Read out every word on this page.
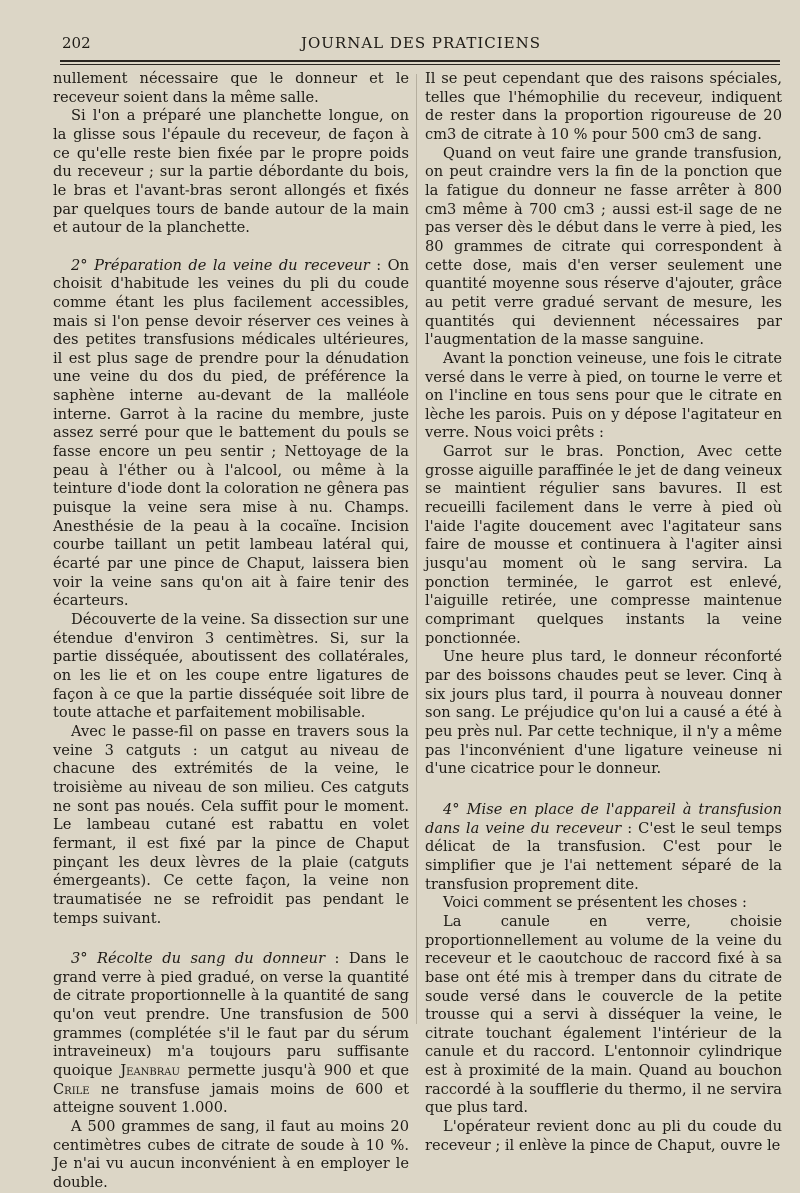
202	JOURNAL DES PRATICIENS

nullement nécessaire que le donneur et le receveur soient dans la même salle.

Si l'on a préparé une planchette longue, on la glisse sous l'épaule du receveur, de façon à ce qu'elle reste bien fixée par le propre poids du receveur ; sur la partie débordante du bois, le bras et l'avant-bras seront allongés et fixés par quelques tours de bande autour de la main et autour de la planchette.

2° Préparation de la veine du receveur : On choisit d'habitude les veines du pli du coude comme étant les plus facilement accessibles, mais si l'on pense devoir réserver ces veines à des petites transfusions médicales ultérieures, il est plus sage de prendre pour la dénudation une veine du dos du pied, de préférence la saphène interne au-devant de la malléole interne. Garrot à la racine du membre, juste assez serré pour que le battement du pouls se fasse encore un peu sentir ; Nettoyage de la peau à l'éther ou à l'alcool, ou même à la teinture d'iode dont la coloration ne gênera pas puisque la veine sera mise à nu. Champs. Anesthésie de la peau à la cocaïne. Incision courbe taillant un petit lambeau latéral qui, écarté par une pince de Chaput, laissera bien voir la veine sans qu'on ait à faire tenir des écarteurs.

Découverte de la veine. Sa dissection sur une étendue d'environ 3 centimètres. Si, sur la partie disséquée, aboutissent des collatérales, on les lie et on les coupe entre ligatures de façon à ce que la partie disséquée soit libre de toute attache et parfaitement mobilisable.

Avec le passe-fil on passe en travers sous la veine 3 catguts : un catgut au niveau de chacune des extrémités de la veine, le troisième au niveau de son milieu. Ces catguts ne sont pas noués. Cela suffit pour le moment. Le lambeau cutané est rabattu en volet fermant, il est fixé par la pince de Chaput pinçant les deux lèvres de la plaie (catguts émergeants). Ce cette façon, la veine non traumatisée ne se refroidit pas pendant le temps suivant.

3° Récolte du sang du donneur : Dans le grand verre à pied gradué, on verse la quantité de citrate proportionnelle à la quantité de sang qu'on veut prendre. Une transfusion de 500 grammes (complétée s'il le faut par du sérum intraveineux) m'a toujours paru suffisante quoique Jeanbrau permette jusqu'à 900 et que Crile ne transfuse jamais moins de 600 et atteigne souvent 1.000.

A 500 grammes de sang, il faut au moins 20 centimètres cubes de citrate de soude à 10 %. Je n'ai vu aucun inconvénient à en employer le double.

Il se peut cependant que des raisons spéciales, telles que l'hémophilie du receveur, indiquent de rester dans la proportion rigoureuse de 20 cm3 de citrate à 10 % pour 500 cm3 de sang.

Quand on veut faire une grande transfusion, on peut craindre vers la fin de la ponction que la fatigue du donneur ne fasse arrêter à 800 cm3 même à 700 cm3 ; aussi est-il sage de ne pas verser dès le début dans le verre à pied, les 80 grammes de citrate qui correspondent à cette dose, mais d'en verser seulement une quantité moyenne sous réserve d'ajouter, grâce au petit verre gradué servant de mesure, les quantités qui deviennent nécessaires par l'augmentation de la masse sanguine.

Avant la ponction veineuse, une fois le citrate versé dans le verre à pied, on tourne le verre et on l'incline en tous sens pour que le citrate en lèche les parois. Puis on y dépose l'agitateur en verre. Nous voici prêts :

Garrot sur le bras. Ponction, Avec cette grosse aiguille paraffinée le jet de dang veineux se maintient régulier sans bavures. Il est recueilli facilement dans le verre à pied où l'aide l'agite doucement avec l'agitateur sans faire de mousse et continuera à l'agiter ainsi jusqu'au moment où le sang servira. La ponction terminée, le garrot est enlevé, l'aiguille retirée, une compresse maintenue comprimant quelques instants la veine ponctionnée.

Une heure plus tard, le donneur réconforté par des boissons chaudes peut se lever. Cinq à six jours plus tard, il pourra à nouveau donner son sang. Le préjudice qu'on lui a causé a été à peu près nul. Par cette technique, il n'y a même pas l'inconvénient d'une ligature veineuse ni d'une cicatrice pour le donneur.

4° Mise en place de l'appareil à transfusion dans la veine du receveur : C'est le seul temps délicat de la transfusion. C'est pour le simplifier que je l'ai nettement séparé de la transfusion proprement dite.

Voici comment se présentent les choses :

La canule en verre, choisie proportionnellement au volume de la veine du receveur et le caoutchouc de raccord fixé à sa base ont été mis à tremper dans du citrate de soude versé dans le couvercle de la petite trousse qui a servi à disséquer la veine, le citrate touchant également l'intérieur de la canule et du raccord. L'entonnoir cylindrique est à proximité de la main. Quand au bouchon raccordé à la soufflerie du thermo, il ne servira que plus tard.

L'opérateur revient donc au pli du coude du receveur ; il enlève la pince de Chaput, ouvre le
